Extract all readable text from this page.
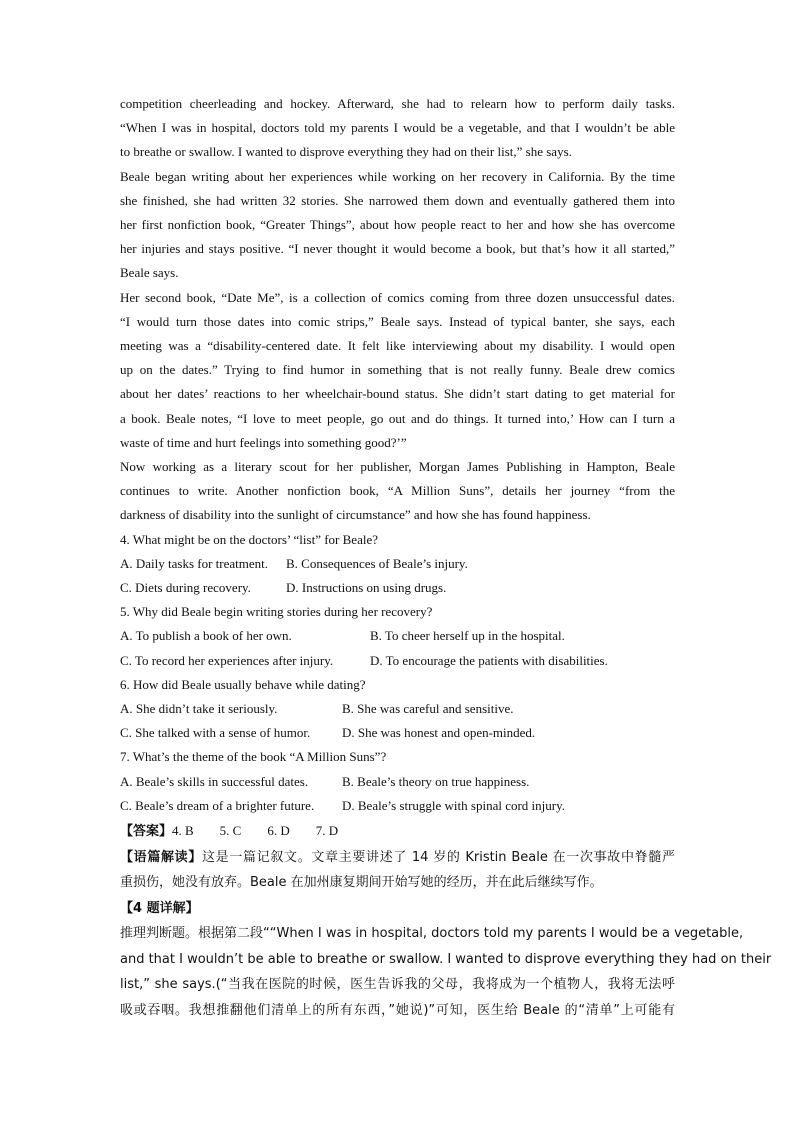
competition cheerleading and hockey. Afterward, she had to relearn how to perform daily tasks.
“When I was in hospital, doctors told my parents I would be a vegetable, and that I wouldn’t be able
to breathe or swallow. I wanted to disprove everything they had on their list,” she says.
Beale began writing about her experiences while working on her recovery in California. By the time
she finished, she had written 32 stories. She narrowed them down and eventually gathered them into
her first nonfiction book, “Greater Things”, about how people react to her and how she has overcome
her injuries and stays positive. “I never thought it would become a book, but that’s how it all started,”
Beale says.
Her second book, “Date Me”, is a collection of comics coming from three dozen unsuccessful dates.
“I would turn those dates into comic strips,” Beale says. Instead of typical banter, she says, each
meeting was a “disability-centered date. It felt like interviewing about my disability. I would open
up on the dates.” Trying to find humor in something that is not really funny. Beale drew comics
about her dates’ reactions to her wheelchair-bound status. She didn’t start dating to get material for
a book. Beale notes, “I love to meet people, go out and do things. It turned into,’ How can I turn a
waste of time and hurt feelings into something good?’”
Now working as a literary scout for her publisher, Morgan James Publishing in Hampton, Beale
continues to write. Another nonfiction book, “A Million Suns”, details her journey “from the
darkness of disability into the sunlight of circumstance” and how she has found happiness.
4. What might be on the doctors’ “list” for Beale?
A. Daily tasks for treatment.	B. Consequences of Beale’s injury.
C. Diets during recovery.	D. Instructions on using drugs.
5. Why did Beale begin writing stories during her recovery?
A. To publish a book of her own.	B. To cheer herself up in the hospital.
C. To record her experiences after injury.	D. To encourage the patients with disabilities.
6. How did Beale usually behave while dating?
A. She didn’t take it seriously.	B. She was careful and sensitive.
C. She talked with a sense of humor.	D. She was honest and open-minded.
7. What’s the theme of the book “A Million Suns”?
A. Beale’s skills in successful dates.	B. Beale’s theory on true happiness.
C. Beale’s dream of a brighter future.	D. Beale’s struggle with spinal cord injury.
【答案】4. B        5. C        6. D        7. D
【语篇解读】这是一篇记叙文。文章主要讲述了 14 岁的 Kristin Beale 在一次事故中脊髓严
重损伤，她没有放弃。Beale 在加州康复期间开始写她的经历，并在此后继续写作。
【4 题详解】
推理判断题。根据第二段““When I was in hospital, doctors told my parents I would be a vegetable,
and that I wouldn’t be able to breathe or swallow. I wanted to disprove everything they had on their
list,” she says.(“当我在医院的时候，医生告诉我的父母，我将成为一个植物人，我将无法呼
吸或吞咽。我想推翻他们清单上的所有东西，”她说)”可知，医生给 Beale 的“清单”上可能有
